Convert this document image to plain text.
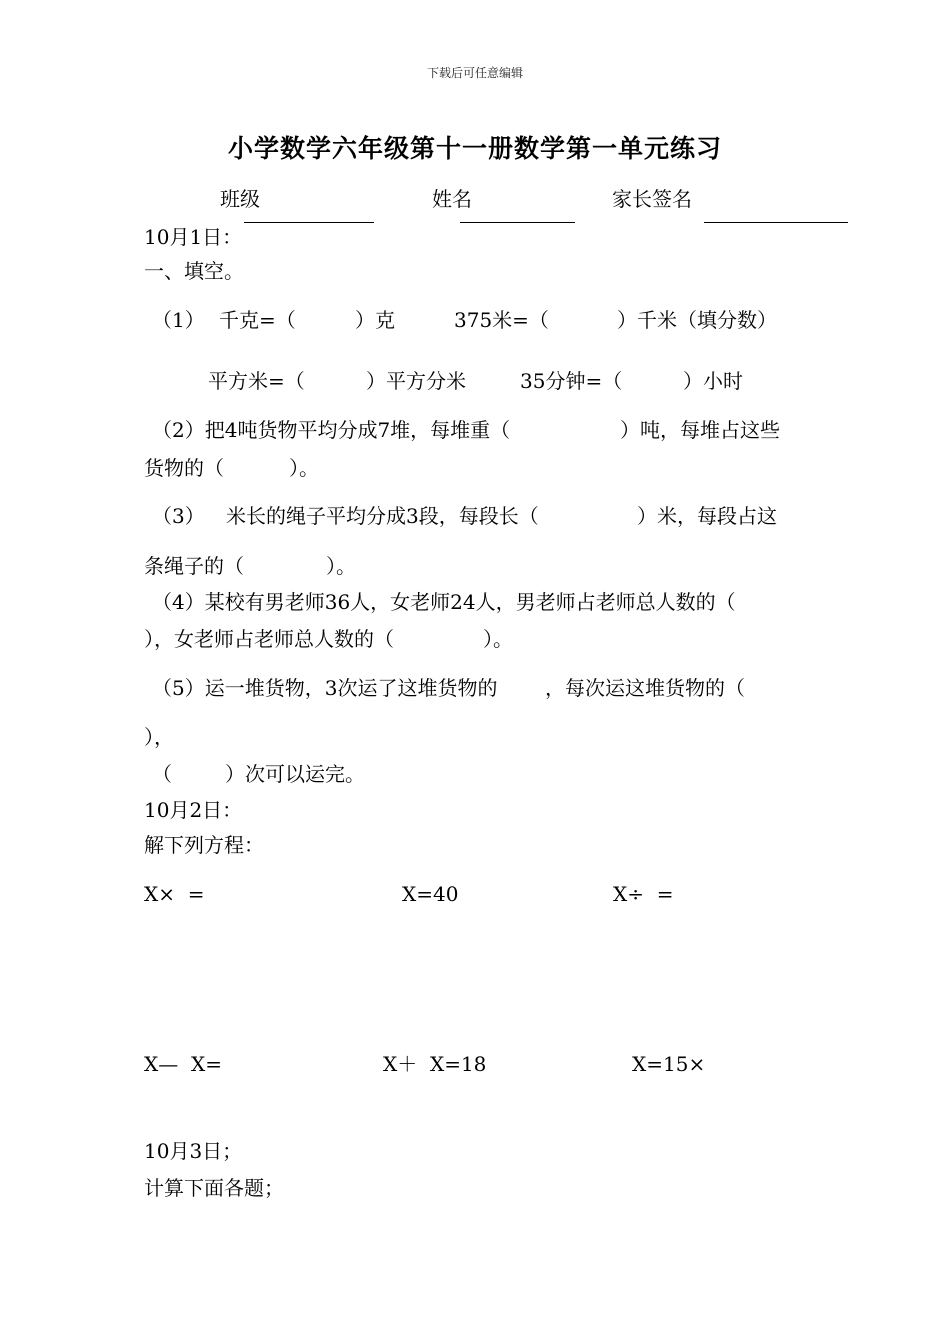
下载后可任意编辑
小学数学六年级第十一册数学第一单元练习
班级	姓名	家长签名
10月1日：
一、填空。
（1） 千克=（	）克	375米=（	）千米（填分数）
平方米=（	）平方分米	35分钟=（	）小时
（2）把4吨货物平均分成7堆，每堆重（	）吨，每堆占这些
货物的（	）。
（3） 米长的绳子平均分成3段，每段长（	）米，每段占这
条绳子的（	）。
（4）某校有男老师36人，女老师24人，男老师占老师总人数的（
），女老师占老师总人数的（	）。
（5）运一堆货物，3次运了这堆货物的 ，每次运这堆货物的（
），
（	）次可以运完。
10月2日：
解下列方程：
X×  =	X=40	X÷  =
X—  X=	X＋  X=18	X=15×
10月3日；
计算下面各题；
